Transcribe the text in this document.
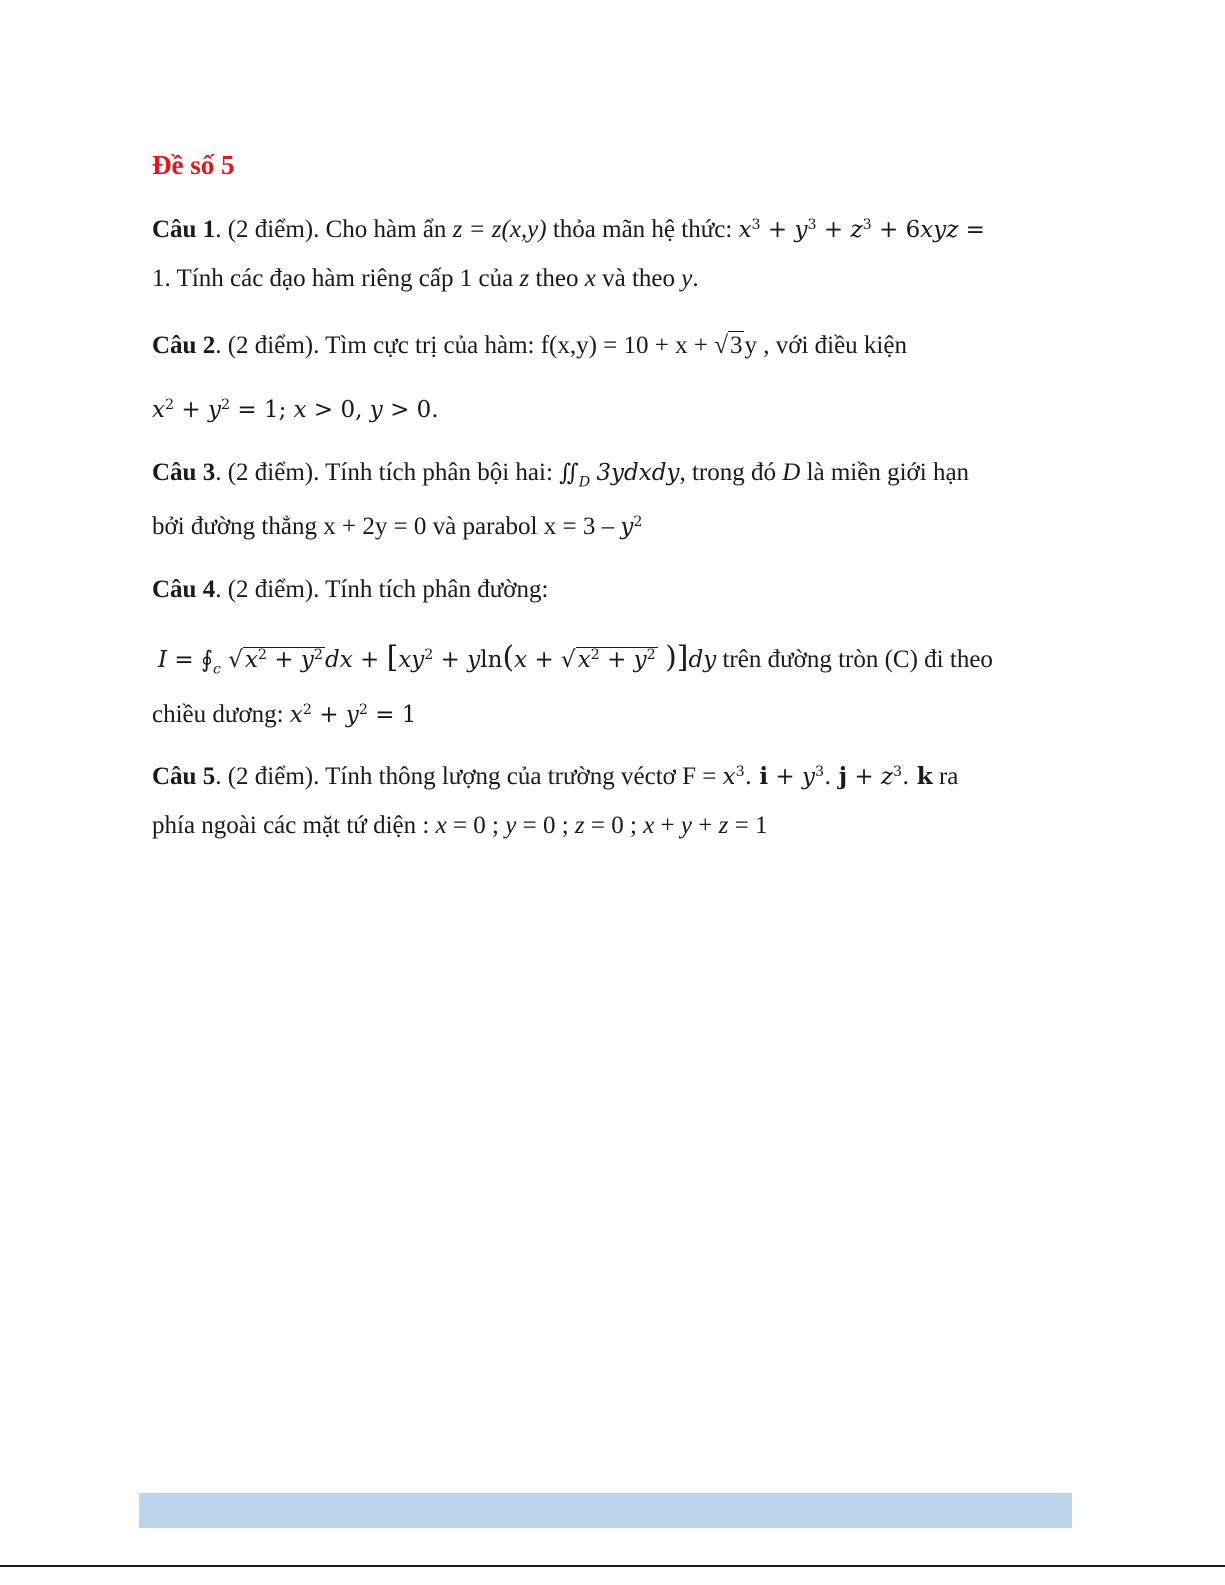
Đề số 5
Câu 1. (2 điểm). Cho hàm ẩn z = z(x,y) thỏa mãn hệ thức: $x^3 + y^3 + z^3 + 6xyz$ =
1. Tính các đạo hàm riêng cấp 1 của z theo x và theo y.
Câu 2. (2 điểm). Tìm cực trị của hàm: f(x,y) = 10 + x + √3y , với điều kiện
$x^2 + y^2 = 1$; x > 0, y > 0.
Câu 3. (2 điểm). Tính tích phân bội hai: $∬_D$ 3ydxdy, trong đó D là miền giới hạn
bởi đường thẳng x + 2y = 0 và parabol $x = 3 - y^2$
Câu 4. (2 điểm). Tính tích phân đường:
$I = ∮_c$ $√x^2 + y^2dx + [xy^2 + yln(x + √x^2 + y^2$ )]dy trên đường tròn (C) đi theo
chiều dương: $x^2 + y^2 = 1$
Câu 5. (2 điểm). Tính thông lượng của trường véctơ $F = x^3$. $i + y^3$. $j + z^3$. k ra
phía ngoài các mặt tứ diện : x = 0 ; y = 0 ; z = 0 ; x + y + z = 1
